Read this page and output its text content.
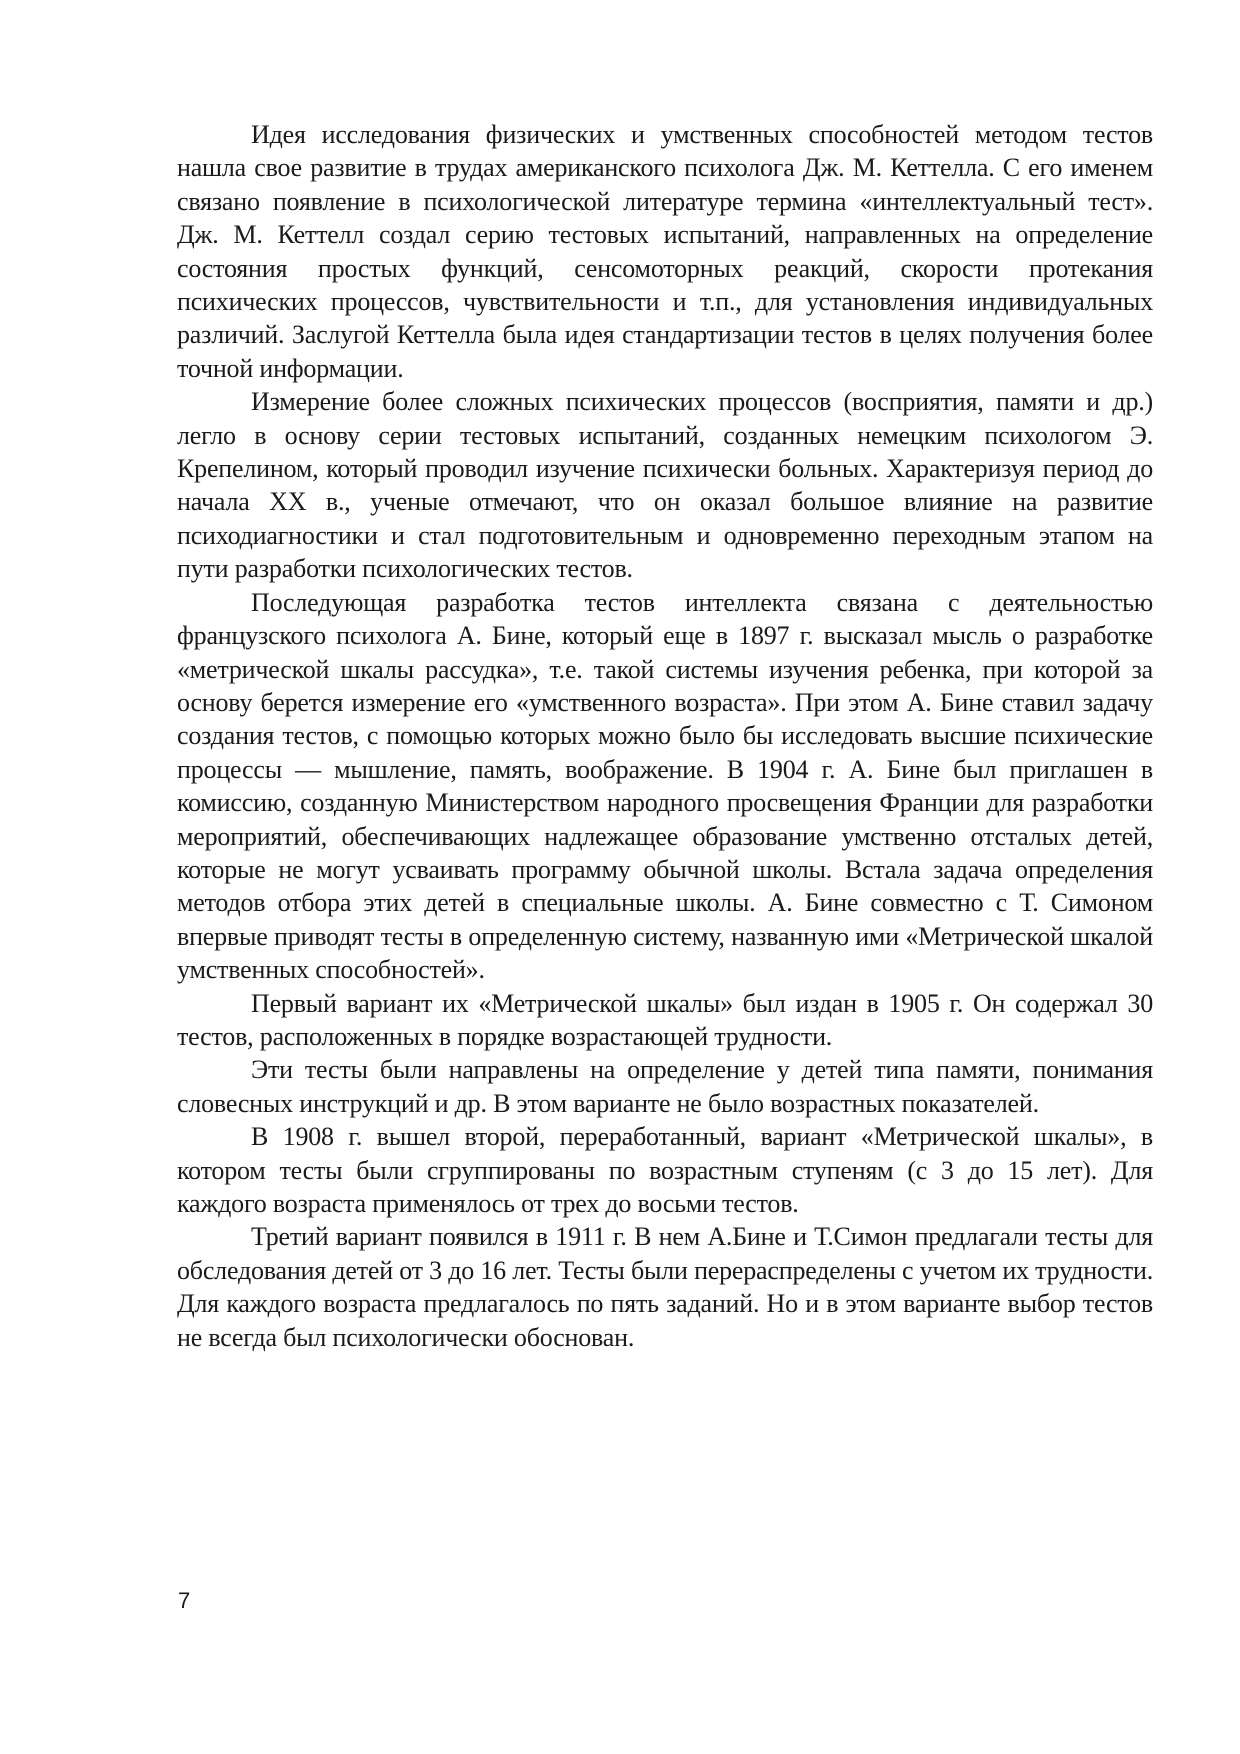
Идея исследования физических и умственных способностей методом тестов нашла свое развитие в трудах американского психолога Дж. М. Кеттелла. С его именем связано появление в психологической литературе термина «интеллектуальный тест». Дж. М. Кеттелл создал серию тестовых испытаний, направленных на определение состояния простых функций, сенсомоторных реакций, скорости протекания психических процессов, чувствительности и т.п., для установления индивидуальных различий. Заслугой Кеттелла была идея стандартизации тестов в целях получения более точной информации.

Измерение более сложных психических процессов (восприятия, памяти и др.) легло в основу серии тестовых испытаний, созданных немецким психологом Э. Крепелином, который проводил изучение психически больных. Характеризуя период до начала XX в., ученые отмечают, что он оказал большое влияние на развитие психодиагностики и стал подготовительным и одновременно переходным этапом на пути разработки психологических тестов.

Последующая разработка тестов интеллекта связана с деятельностью французского психолога А. Бине, который еще в 1897 г. высказал мысль о разработке «метрической шкалы рассудка», т.е. такой системы изучения ребенка, при которой за основу берется измерение его «умственного возраста». При этом А. Бине ставил задачу создания тестов, с помощью которых можно было бы исследовать высшие психические процессы — мышление, память, воображение. В 1904 г. А. Бине был приглашен в комиссию, созданную Министерством народного просвещения Франции для разработки мероприятий, обеспечивающих надлежащее образование умственно отсталых детей, которые не могут усваивать программу обычной школы. Встала задача определения методов отбора этих детей в специальные школы. А. Бине совместно с Т. Симоном впервые приводят тесты в определенную систему, названную ими «Метрической шкалой умственных способностей».

Первый вариант их «Метрической шкалы» был издан в 1905 г. Он содержал 30 тестов, расположенных в порядке возрастающей трудности.

Эти тесты были направлены на определение у детей типа памяти, понимания словесных инструкций и др. В этом варианте не было возрастных показателей.

В 1908 г. вышел второй, переработанный, вариант «Метрической шкалы», в котором тесты были сгруппированы по возрастным ступеням (с 3 до 15 лет). Для каждого возраста применялось от трех до восьми тестов.

Третий вариант появился в 1911 г. В нем А.Бине и Т.Симон предлагали тесты для обследования детей от 3 до 16 лет. Тесты были перераспределены с учетом их трудности. Для каждого возраста предлагалось по пять заданий. Но и в этом варианте выбор тестов не всегда был психологически обоснован.

7
